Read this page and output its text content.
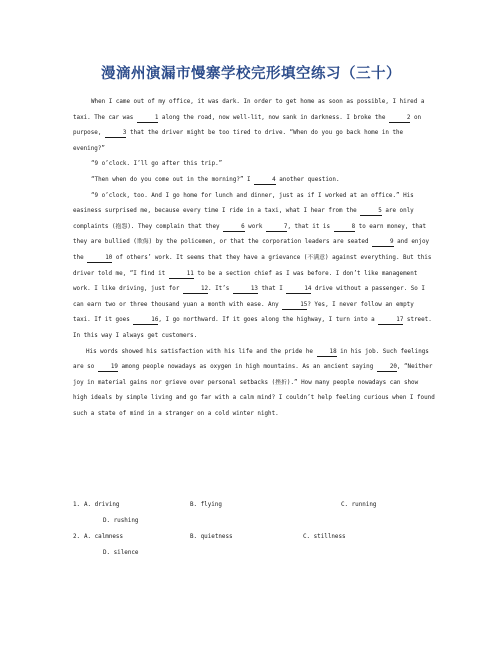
漫滴州演漏市慢寨学校完形填空练习（三十）

When I came out of my office, it was dark. In order to get home as soon as possible, I hired a taxi. The car was	1 along the road, now well-lit, now sank in darkness. I broke the	2 on purpose,	3 that the driver might be too tired to drive. “When do you go back home in the evening?”

“9 o’clock. I’ll go after this trip.”

“Then when do you come out in the morning?” I	4 another question.

“9 o’clock, too. And I go home for lunch and dinner, just as if I worked at an office.” His easiness surprised me, because every time I ride in a taxi, what I hear from the	5 are only complaints (抱怨). They complain that they	6 work	7, that it is	8 to earn money, that they are bullied (欺侮) by the policemen, or that the corporation leaders are seated	9 and enjoy the	10 of others’ work. It seems that they have a grievance (不满意) against everything. But this driver told me, “I find it	11 to be a section chief as I was before. I don’t like management work. I like driving, just for	12. It’s	13 that I	14 drive without a passenger. So I can earn two or three thousand yuan a month with ease. Any	15? Yes, I never follow an empty taxi. If it goes	16, I go northward. If it goes along the highway, I turn into a	17 street. In this way I always get customers.

His words showed his satisfaction with his life and the pride he 18 in his job. Such feelings are so 19 among people nowadays as oxygen in high mountains. As an ancient saying 20, “Neither joy in material gains nor grieve over personal setbacks (挫折).” How many people nowadays can show high ideals by simple living and go far with a calm mind? I couldn’t help feeling curious when I found such a state of mind in a stranger on a cold winter night.

1. A. driving	B. flying	C. running
D. rushing
2. A. calmness	B. quietness	C. stillness
D. silence
